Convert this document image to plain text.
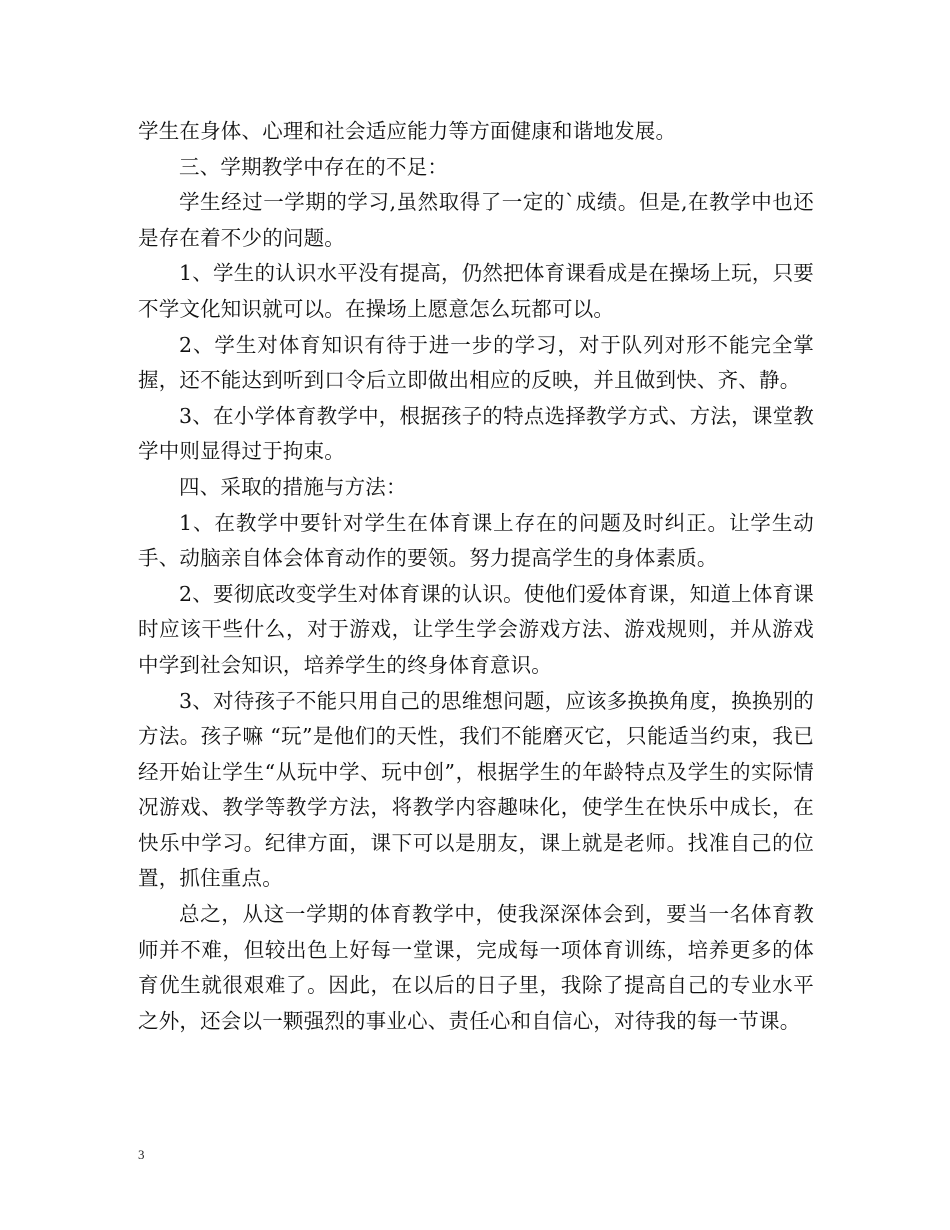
学生在身体、心理和社会适应能力等方面健康和谐地发展。

三、学期教学中存在的不足：

学生经过一学期的学习,虽然取得了一定的`成绩。但是,在教学中也还是存在着不少的问题。

1、学生的认识水平没有提高，仍然把体育课看成是在操场上玩，只要不学文化知识就可以。在操场上愿意怎么玩都可以。

2、学生对体育知识有待于进一步的学习，对于队列对形不能完全掌握，还不能达到听到口令后立即做出相应的反映，并且做到快、齐、静。

3、在小学体育教学中，根据孩子的特点选择教学方式、方法，课堂教学中则显得过于拘束。

四、采取的措施与方法：

1、在教学中要针对学生在体育课上存在的问题及时纠正。让学生动手、动脑亲自体会体育动作的要领。努力提高学生的身体素质。

2、要彻底改变学生对体育课的认识。使他们爱体育课，知道上体育课时应该干些什么，对于游戏，让学生学会游戏方法、游戏规则，并从游戏中学到社会知识，培养学生的终身体育意识。

3、对待孩子不能只用自己的思维想问题，应该多换换角度，换换别的方法。孩子嘛 “玩”是他们的天性，我们不能磨灭它，只能适当约束，我已经开始让学生“从玩中学、玩中创”，根据学生的年龄特点及学生的实际情况游戏、教学等教学方法，将教学内容趣味化，使学生在快乐中成长，在快乐中学习。纪律方面，课下可以是朋友，课上就是老师。找准自己的位置，抓住重点。

总之，从这一学期的体育教学中，使我深深体会到，要当一名体育教师并不难，但较出色上好每一堂课，完成每一项体育训练，培养更多的体育优生就很艰难了。因此，在以后的日子里，我除了提高自己的专业水平之外，还会以一颗强烈的事业心、责任心和自信心，对待我的每一节课。

3
